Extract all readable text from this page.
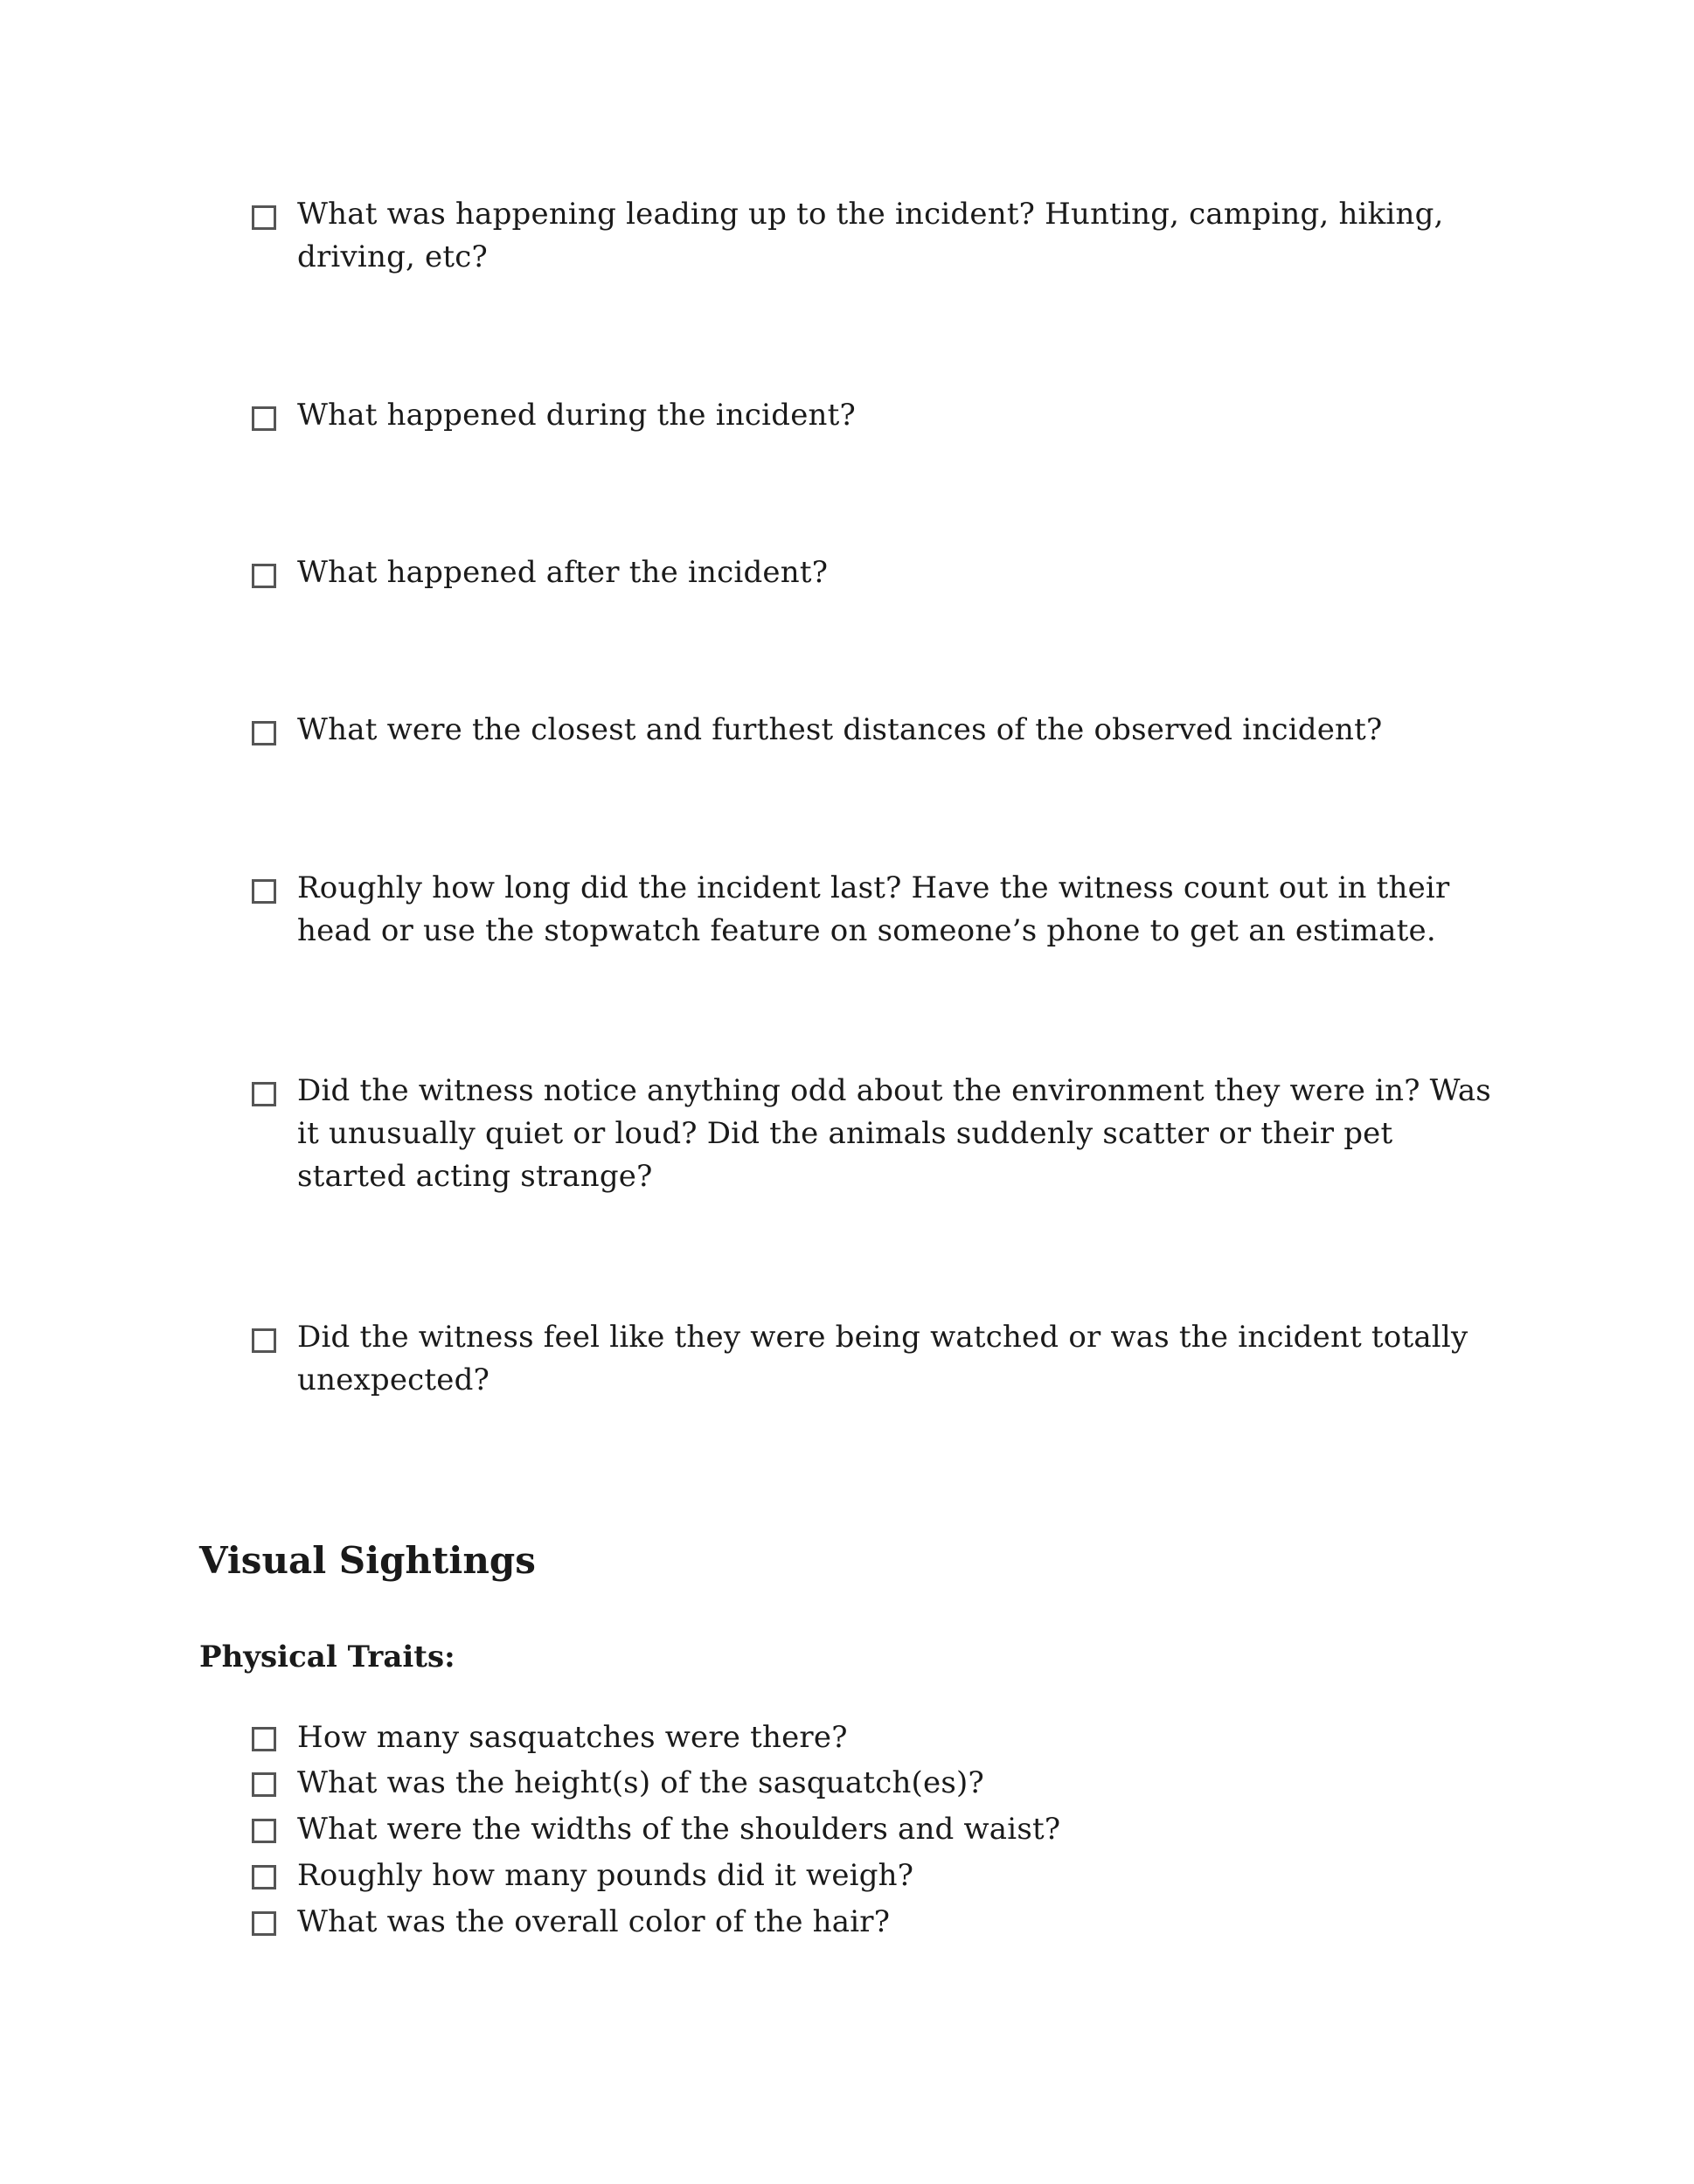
What was happening leading up to the incident? Hunting, camping, hiking, driving, etc?
What happened during the incident?
What happened after the incident?
What were the closest and furthest distances of the observed incident?
Roughly how long did the incident last? Have the witness count out in their head or use the stopwatch feature on someone’s phone to get an estimate.
Did the witness notice anything odd about the environment they were in? Was it unusually quiet or loud? Did the animals suddenly scatter or their pet started acting strange?
Did the witness feel like they were being watched or was the incident totally unexpected?
Visual Sightings
Physical Traits:
How many sasquatches were there?
What was the height(s) of the sasquatch(es)?
What were the widths of the shoulders and waist?
Roughly how many pounds did it weigh?
What was the overall color of the hair?
